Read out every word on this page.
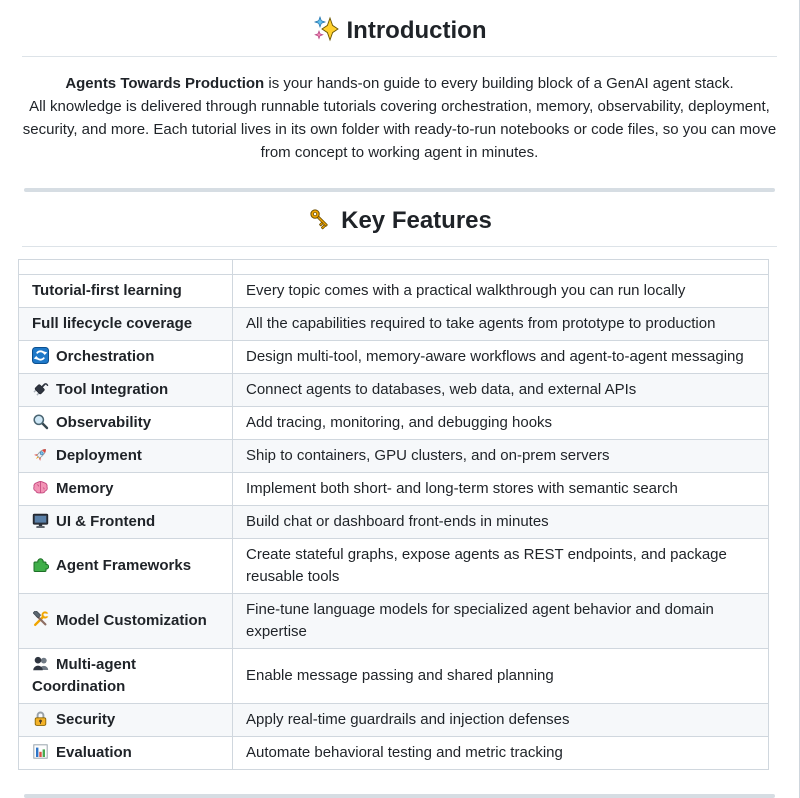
Introduction

Agents Towards Production is your hands-on guide to every building block of a GenAI agent stack.
All knowledge is delivered through runnable tutorials covering orchestration, memory, observability, deployment, security, and more. Each tutorial lives in its own folder with ready-to-run notebooks or code files, so you can move from concept to working agent in minutes.

Key Features

Tutorial-first learning	Every topic comes with a practical walkthrough you can run locally
Full lifecycle coverage	All the capabilities required to take agents from prototype to production
Orchestration	Design multi-tool, memory-aware workflows and agent-to-agent messaging
Tool Integration	Connect agents to databases, web data, and external APIs
Observability	Add tracing, monitoring, and debugging hooks
Deployment	Ship to containers, GPU clusters, and on-prem servers
Memory	Implement both short- and long-term stores with semantic search
UI & Frontend	Build chat or dashboard front-ends in minutes
Agent Frameworks	Create stateful graphs, expose agents as REST endpoints, and package reusable tools
Model Customization	Fine-tune language models for specialized agent behavior and domain expertise
Multi-agent Coordination	Enable message passing and shared planning
Security	Apply real-time guardrails and injection defenses
Evaluation	Automate behavioral testing and metric tracking
